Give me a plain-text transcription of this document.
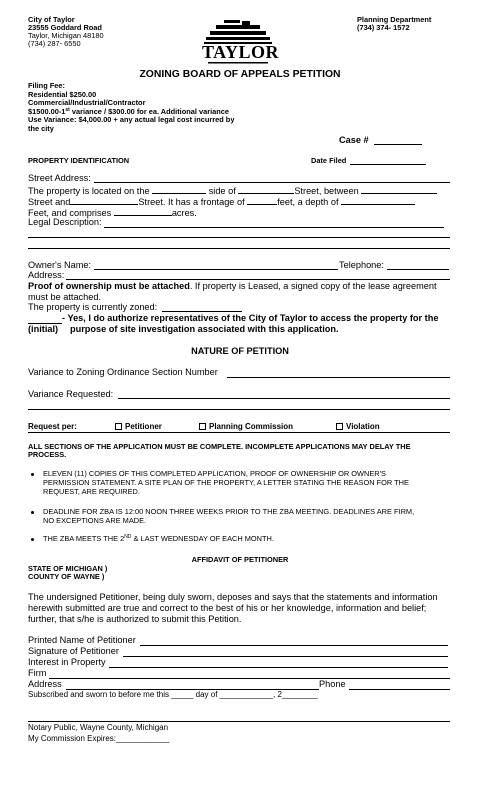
City of Taylor
23555 Goddard Road
Taylor, Michigan 48180
(734) 287- 6550
Planning Department
(734) 374- 1572
TAYLOR
ZONING BOARD OF APPEALS PETITION
Filing Fee:
Residential $250.00
Commercial/Industrial/Contractor
$1500.00-1st variance / $300.00 for ea. Additional variance
Use Variance: $4,000.00 + any actual legal cost incurred by
the city
Case #
PROPERTY IDENTIFICATION	Date Filed
Street Address:
The property is located on the	side of	Street, between
Street and	Street. It has a frontage of	feet, a depth of
Feet, and comprises	acres.
Legal Description:
Owner's Name:	Telephone:
Address:
Proof of ownership must be attached. If property is Leased, a signed copy of the lease agreement
must be attached.
The property is currently zoned:
- Yes, I do authorize representatives of the City of Taylor to access the property for the
(initial) purpose of site investigation associated with this application.
NATURE OF PETITION
Variance to Zoning Ordinance Section Number
Variance Requested:
Request per:	Petitioner	Planning Commission	Violation
ALL SECTIONS OF THE APPLICATION MUST BE COMPLETE. INCOMPLETE APPLICATIONS MAY DELAY THE
PROCESS.
ELEVEN (11) COPIES OF THIS COMPLETED APPLICATION, PROOF OF OWNERSHIP OR OWNER'S
PERMISSION STATEMENT. A SITE PLAN OF THE PROPERTY, A LETTER STATING THE REASON FOR THE
REQUEST, ARE REQUIRED.
DEADLINE FOR ZBA IS 12:00 NOON THREE WEEKS PRIOR TO THE ZBA MEETING. DEADLINES ARE FIRM,
NO EXCEPTIONS ARE MADE.
THE ZBA MEETS THE 2ND & LAST WEDNESDAY OF EACH MONTH.
AFFIDAVIT OF PETITIONER
STATE OF MICHIGAN )
COUNTY OF WAYNE )
The undersigned Petitioner, being duly sworn, deposes and says that the statements and information
herewith submitted are true and correct to the best of his or her knowledge, information and belief;
further, that s/he is authorized to submit this Petition.
Printed Name of Petitioner
Signature of Petitioner
Interest in Property
Firm
Address	Phone
Subscribed and sworn to before me this _____ day of ____________, 2________
Notary Public, Wayne County, Michigan
My Commission Expires:____________
